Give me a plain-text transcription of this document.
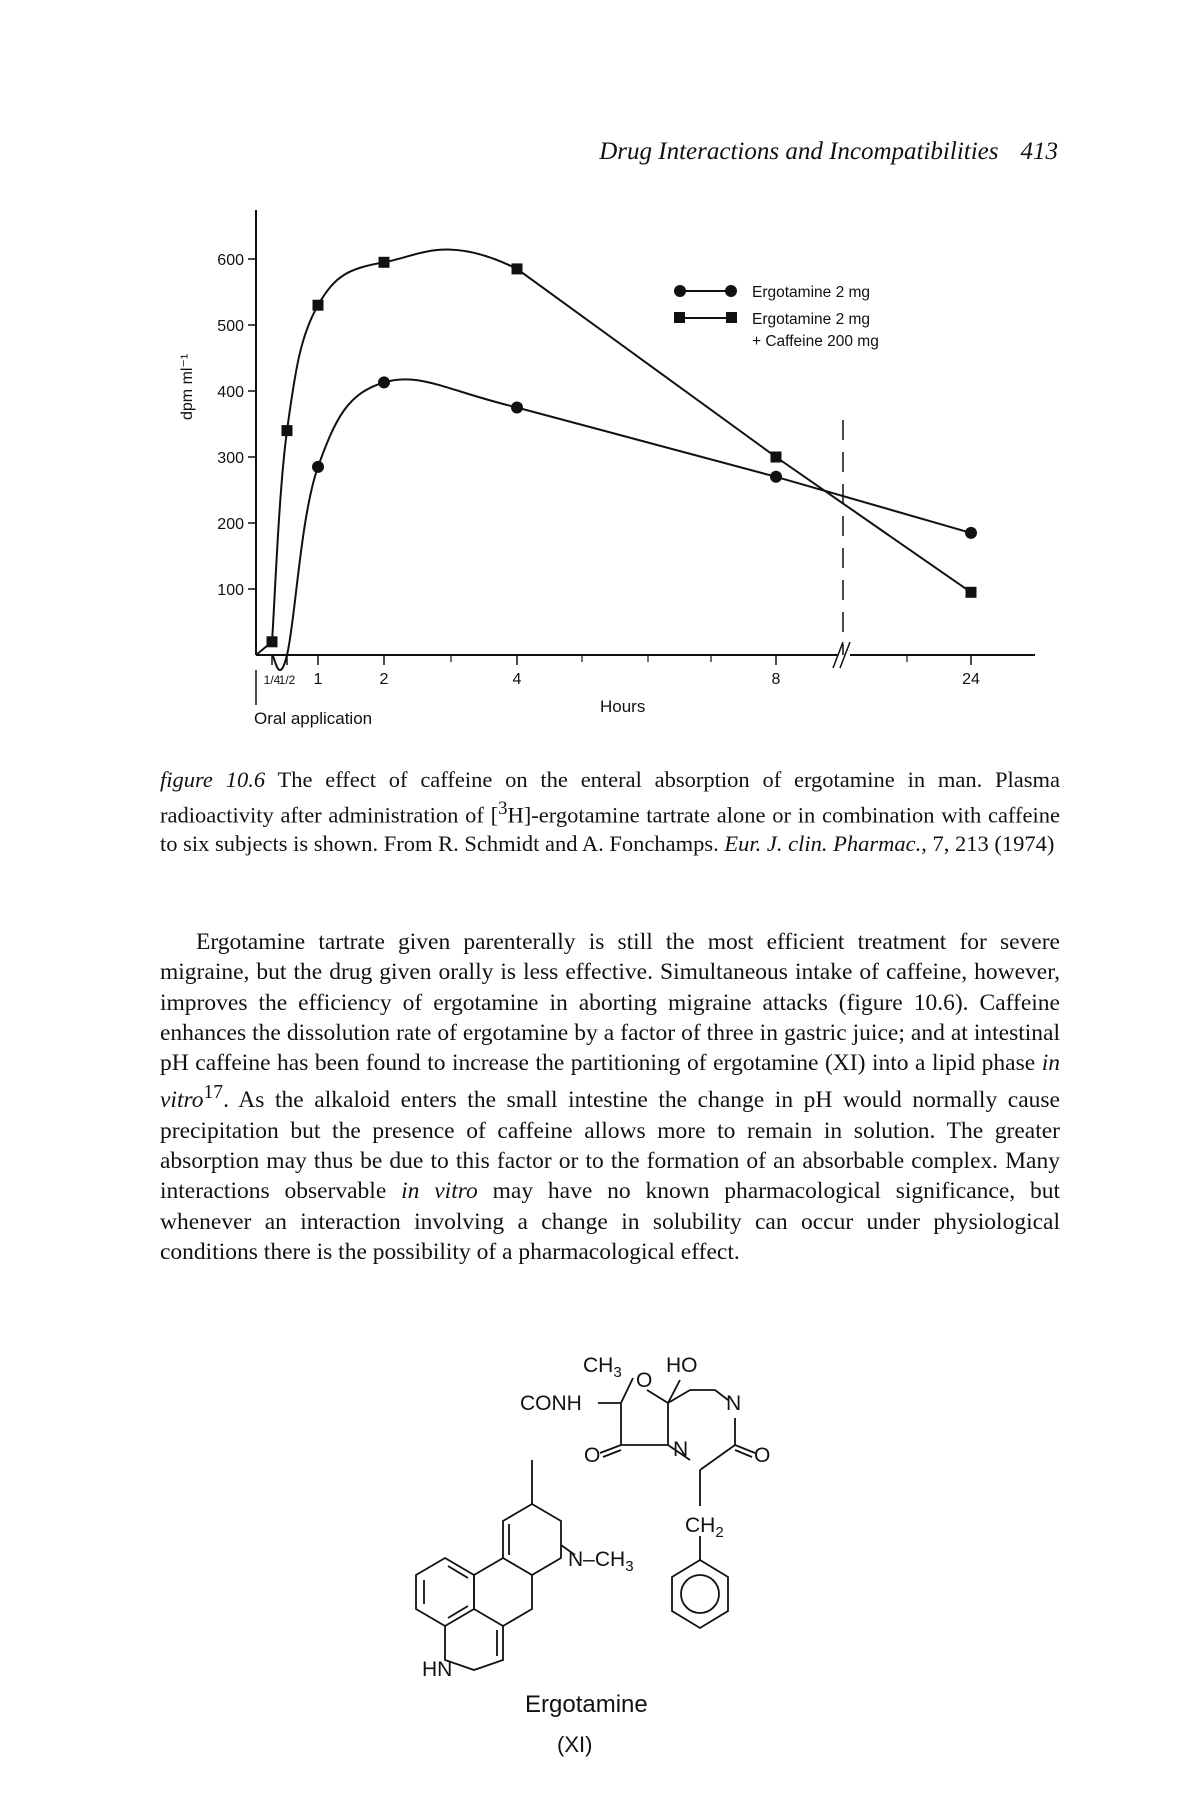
Drug Interactions and Incompatibilities 413
100
200
300
400
500
600
1/4
1/2 1	2	4	8	24
dpm ml⁻¹
Hours
Oral application
Ergotamine 2 mg
Ergotamine 2 mg
+ Caffeine 200 mg
figure 10.6 The effect of caffeine on the enteral absorption of ergotamine in man. Plasma radioactivity after administration of [$^3$H]-ergotamine tartrate alone or in combination with caffeine to six subjects is shown. From R. Schmidt and A. Fonchamps. Eur. J. clin. Pharmac., 7, 213 (1974)

Ergotamine tartrate given parenterally is still the most efficient treatment for severe migraine, but the drug given orally is less effective. Simultaneous intake of caffeine, however, improves the efficiency of ergotamine in aborting migraine attacks (figure 10.6). Caffeine enhances the dissolution rate of ergotamine by a factor of three in gastric juice; and at intestinal pH caffeine has been found to increase the partitioning of ergotamine (XI) into a lipid phase in vitro$^{17}$. As the alkaloid enters the small intestine the change in pH would normally cause precipitation but the presence of caffeine allows more to remain in solution. The greater absorption may thus be due to this factor or to the formation of an absorbable complex. Many interactions observable in vitro may have no known pharmacological significance, but whenever an interaction involving a change in solubility can occur under physiological conditions there is the possibility of a pharmacological effect.

$CH_3$ O
HO
CONH	N
O	N	O
$N-CH_3$
$CH_2$
HN
Ergotamine
(XI)
